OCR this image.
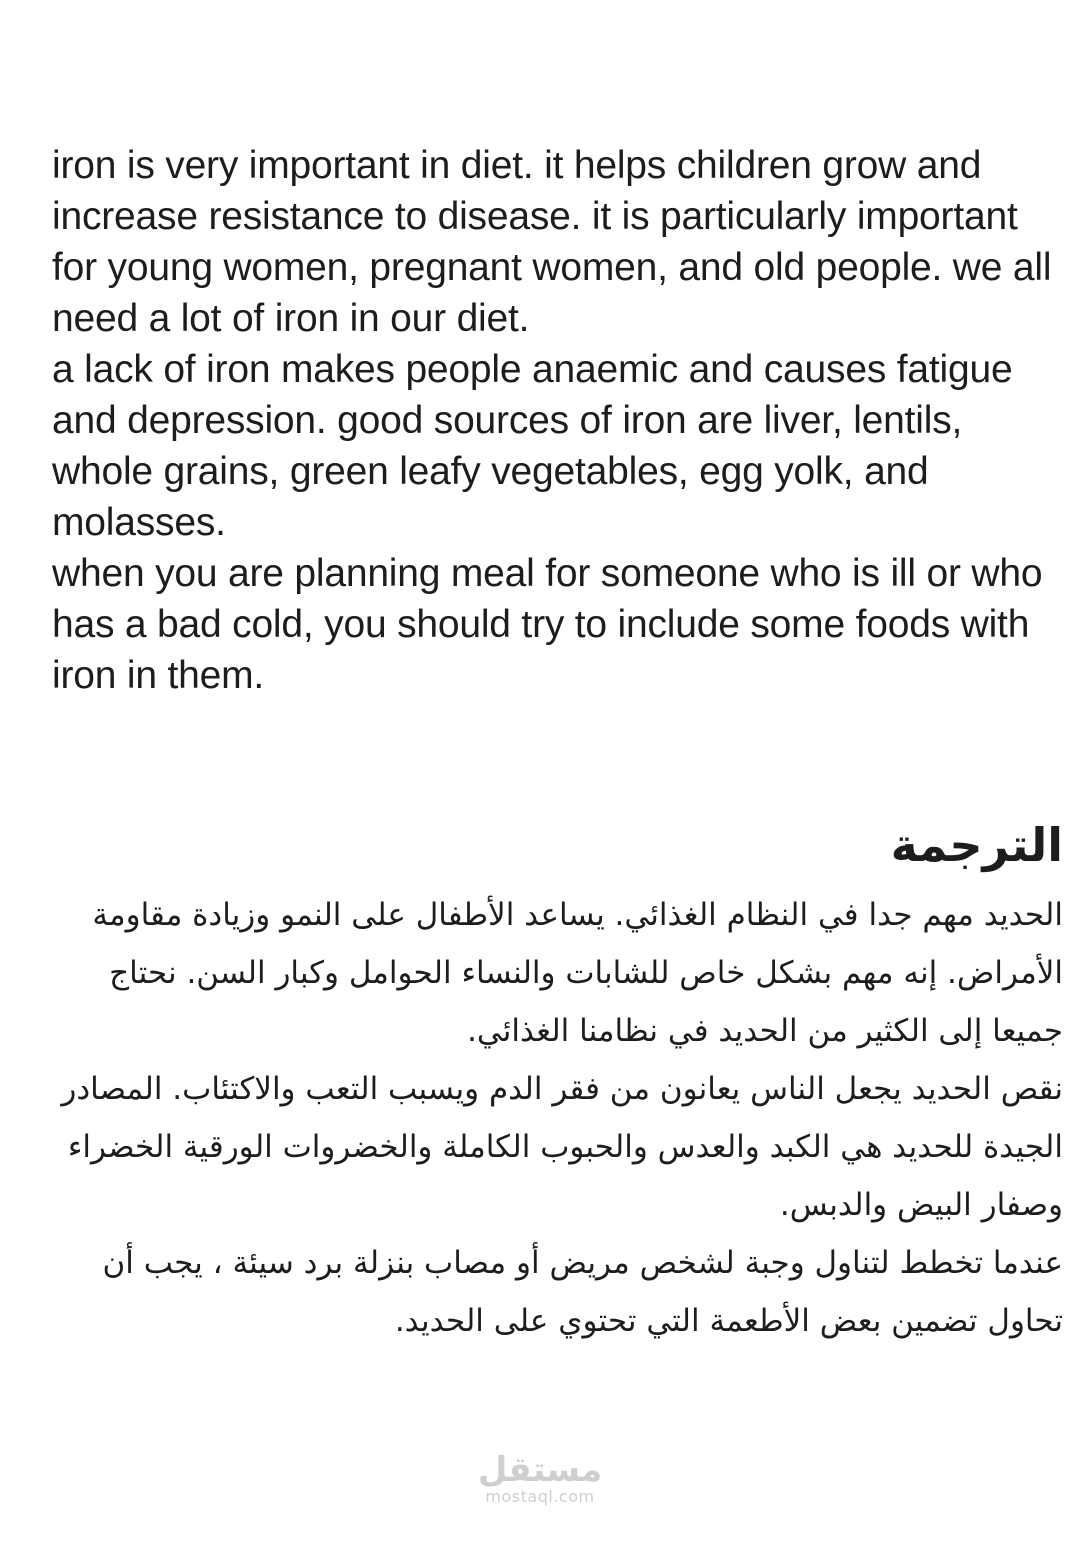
iron is very important in diet. it helps children grow and increase resistance to disease. it is particularly important for young women, pregnant women, and old people. we all need a lot of iron in our diet.

a lack of iron makes people anaemic and causes fatigue and depression. good sources of iron are liver, lentils, whole grains, green leafy vegetables, egg yolk, and molasses.

when you are planning meal for someone who is ill or who has a bad cold, you should try to include some foods with iron in them.

الترجمة

الحديد مهم جدا في النظام الغذائي. يساعد الأطفال على النمو وزيادة مقاومة الأمراض. إنه مهم بشكل خاص للشابات والنساء الحوامل وكبار السن. نحتاج جميعا إلى الكثير من الحديد في نظامنا الغذائي.

نقص الحديد يجعل الناس يعانون من فقر الدم ويسبب التعب والاكتئاب. المصادر الجيدة للحديد هي الكبد والعدس والحبوب الكاملة والخضروات الورقية الخضراء وصفار البيض والدبس.

عندما تخطط لتناول وجبة لشخص مريض أو مصاب بنزلة برد سيئة ، يجب أن تحاول تضمين بعض الأطعمة التي تحتوي على الحديد.

مستقل
mostaql.com
